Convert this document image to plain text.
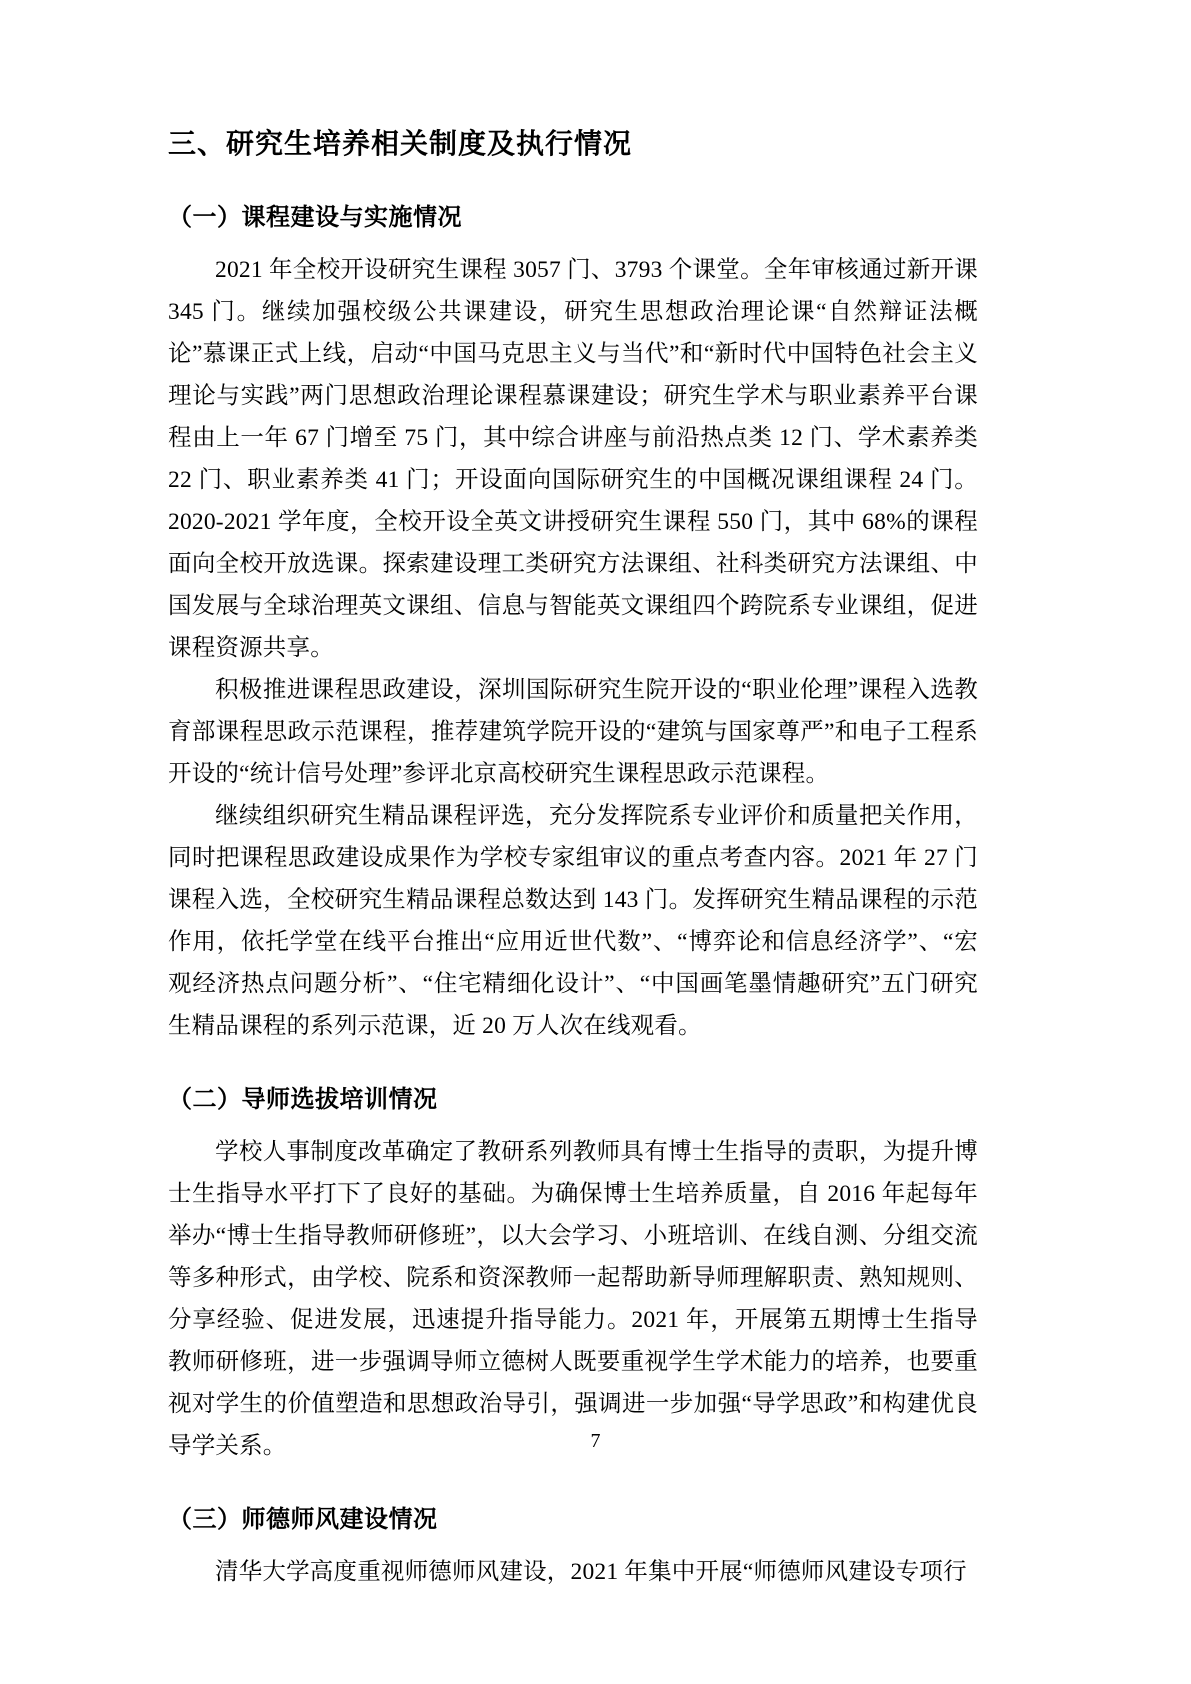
三、研究生培养相关制度及执行情况
（一）课程建设与实施情况

2021 年全校开设研究生课程 3057 门、3793 个课堂。全年审核通过新开课 345 门。继续加强校级公共课建设，研究生思想政治理论课“自然辩证法概论”慕课正式上线，启动“中国马克思主义与当代”和“新时代中国特色社会主义理论与实践”两门思想政治理论课程慕课建设；研究生学术与职业素养平台课程由上一年 67 门增至 75 门，其中综合讲座与前沿热点类 12 门、学术素养类 22 门、职业素养类 41 门；开设面向国际研究生的中国概况课组课程 24 门。2020-2021 学年度，全校开设全英文讲授研究生课程 550 门，其中 68%的课程面向全校开放选课。探索建设理工类研究方法课组、社科类研究方法课组、中国发展与全球治理英文课组、信息与智能英文课组四个跨院系专业课组，促进课程资源共享。

积极推进课程思政建设，深圳国际研究生院开设的“职业伦理”课程入选教育部课程思政示范课程，推荐建筑学院开设的“建筑与国家尊严”和电子工程系开设的“统计信号处理”参评北京高校研究生课程思政示范课程。

继续组织研究生精品课程评选，充分发挥院系专业评价和质量把关作用，同时把课程思政建设成果作为学校专家组审议的重点考查内容。2021 年 27 门课程入选，全校研究生精品课程总数达到 143 门。发挥研究生精品课程的示范作用，依托学堂在线平台推出“应用近世代数”、“博弈论和信息经济学”、“宏观经济热点问题分析”、“住宅精细化设计”、“中国画笔墨情趣研究”五门研究生精品课程的系列示范课，近 20 万人次在线观看。

（二）导师选拔培训情况

学校人事制度改革确定了教研系列教师具有博士生指导的责职，为提升博士生指导水平打下了良好的基础。为确保博士生培养质量，自 2016 年起每年举办“博士生指导教师研修班”，以大会学习、小班培训、在线自测、分组交流等多种形式，由学校、院系和资深教师一起帮助新导师理解职责、熟知规则、分享经验、促进发展，迅速提升指导能力。2021 年，开展第五期博士生指导教师研修班，进一步强调导师立德树人既要重视学生学术能力的培养，也要重视对学生的价值塑造和思想政治导引，强调进一步加强“导学思政”和构建优良导学关系。

（三）师德师风建设情况

清华大学高度重视师德师风建设，2021 年集中开展“师德师风建设专项行

7
